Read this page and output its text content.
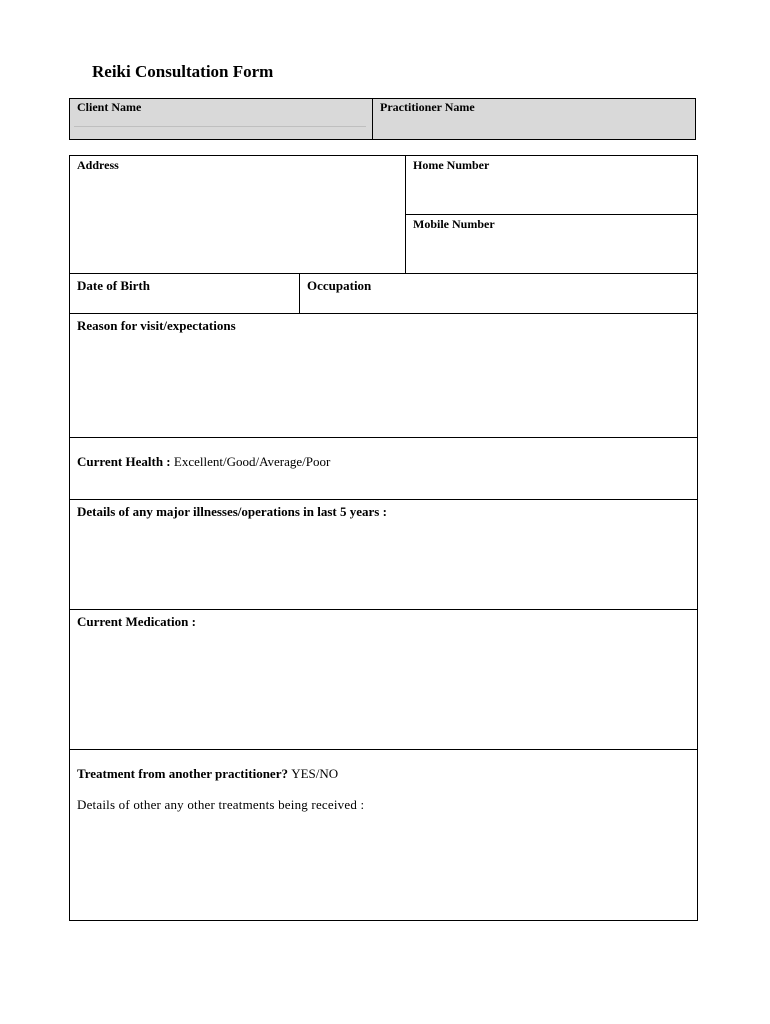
Reiki Consultation Form
Client Name	Practitioner Name
Address	Home Number
Mobile Number
Date of Birth	Occupation
Reason for visit/expectations
Current Health : Excellent/Good/Average/Poor
Details of any major illnesses/operations in last 5 years :
Current Medication :
Treatment from another practitioner? YES/NO
Details of other any other treatments being received :
